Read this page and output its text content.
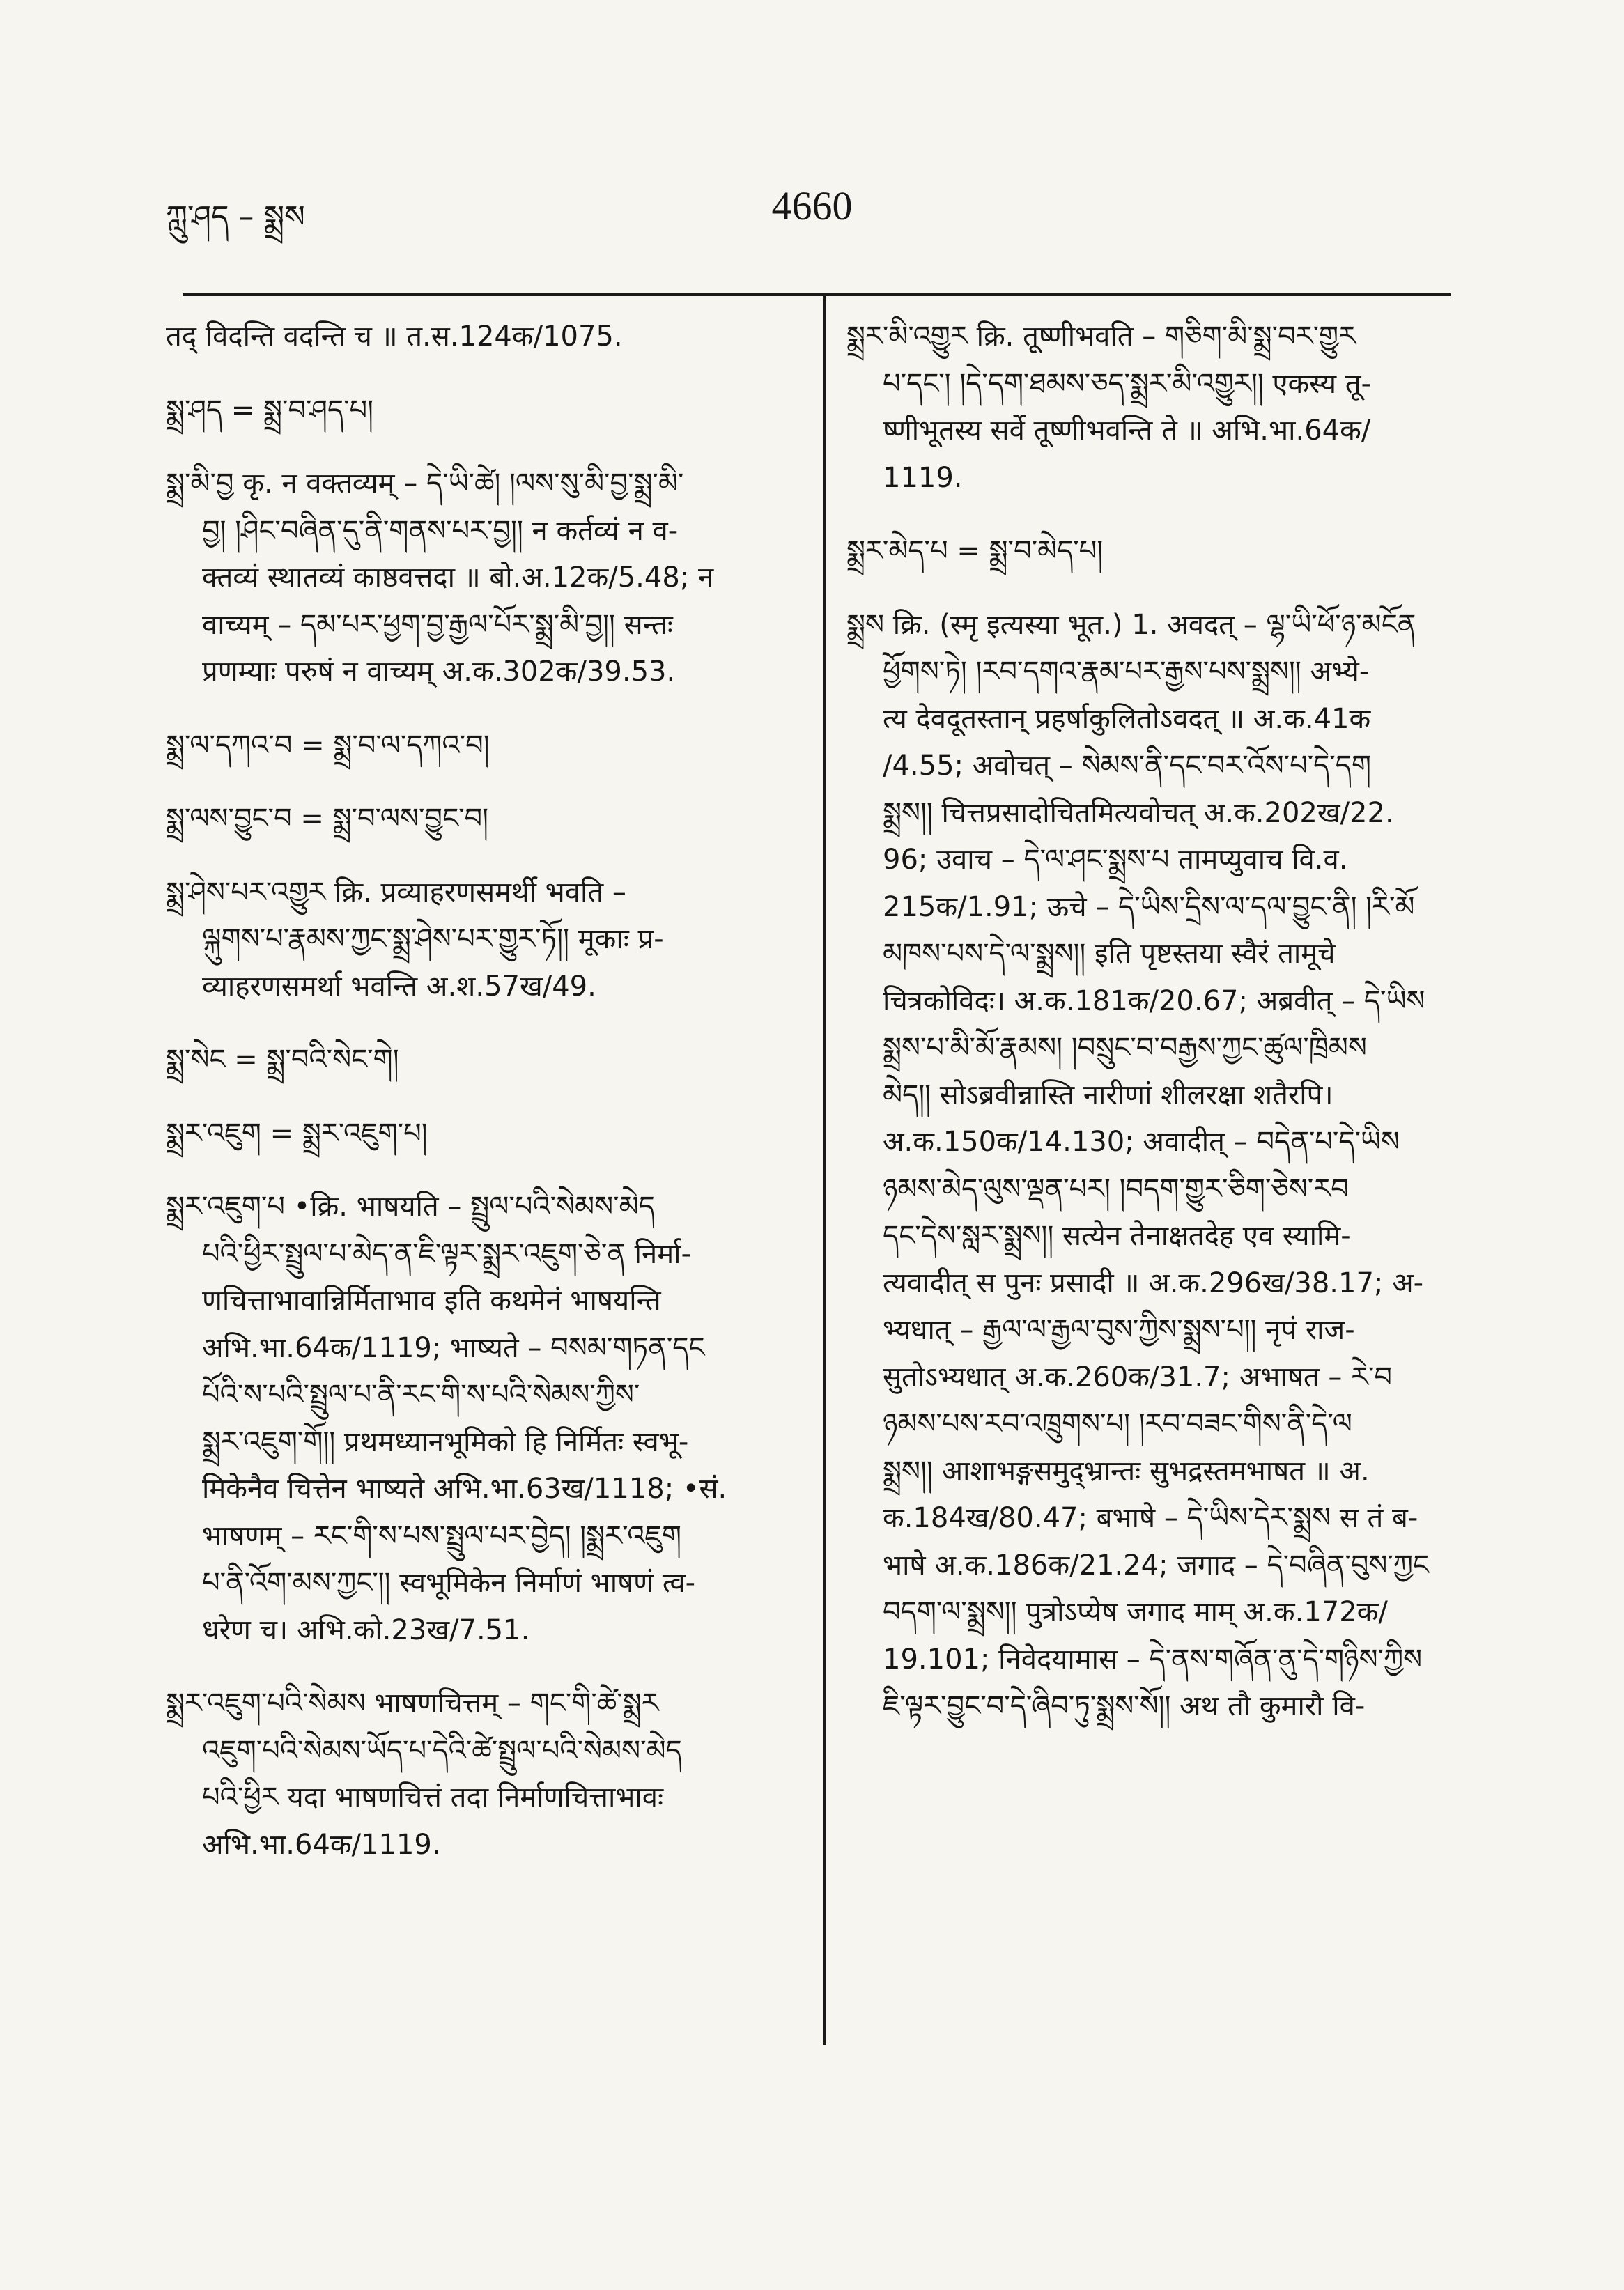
ཀླུ་ཤད – སྨྲས	4660
तद् विदन्ति वदन्ति च ॥ त.स.124क/1075.
སྨྲ་ཤད = སྨྲ་བ་ཤད་པ།
སྨྲ་མི་བྱ कृ. न वक्तव्यम् – དེ་ཡི་ཚེ། །ལས་སུ་མི་བྱ་སྨྲ་མི་
བྱ། །ཤིང་བཞིན་དུ་ནི་གནས་པར་བྱ།། न कर्तव्यं न व-
क्तव्यं स्थातव्यं काष्ठवत्तदा ॥ बो.अ.12क/5.48; न
वाच्यम् – དམ་པར་ཕྱག་བྱ་རྒྱལ་པོར་སྨྲ་མི་བྱ།། सन्तः
प्रणम्याः परुषं न वाच्यम् अ.क.302क/39.53.
སྨྲ་ལ་དཀའ་བ = སྨྲ་བ་ལ་དཀའ་བ།
སྨྲ་ལས་བྱུང་བ = སྨྲ་བ་ལས་བྱུང་བ།
སྨྲ་ཤེས་པར་འགྱུར क्रि. प्रव्याहरणसमर्थी भवति –
ལྐུགས་པ་རྣམས་ཀྱང་སྨྲ་ཤེས་པར་གྱུར་ཏོ།། मूकाः प्र-
व्याहरणसमर्था भवन्ति अ.श.57ख/49.
སྨྲ་སེང = སྨྲ་བའི་སེང་གེ།
སྨྲར་འཇུག = སྨྲར་འཇུག་པ།
སྨྲར་འཇུག་པ •क्रि. भाषयति – སྤྲུལ་པའི་སེམས་མེད
པའི་ཕྱིར་སྤྲུལ་པ་མེད་ན་ཇི་ལྟར་སྨྲར་འཇུག་ཅེ་ན निर्मा-
णचित्ताभावान्निर्मिताभाव इति कथमेनं भाषयन्ति
अभि.भा.64क/1119; भाष्यते – བསམ་གཏན་དང
པོའི་ས་པའི་སྤྲུལ་པ་ནི་རང་གི་ས་པའི་སེམས་ཀྱིས་
སྨྲར་འཇུག་གོ།། प्रथमध्यानभूमिको हि निर्मितः स्वभू-
मिकेनैव चित्तेन भाष्यते अभि.भा.63ख/1118; •सं.
भाषणम् – རང་གི་ས་པས་སྤྲུལ་པར་བྱེད། །སྨྲར་འཇུག
པ་ནི་འོག་མས་ཀྱང་།། स्वभूमिकेन निर्माणं भाषणं त्व-
धरेण च। अभि.को.23ख/7.51.
སྨྲར་འཇུག་པའི་སེམས भाषणचित्तम् – གང་གི་ཚེ་སྨྲར
འཇུག་པའི་སེམས་ཡོད་པ་དེའི་ཚེ་སྤྲུལ་པའི་སེམས་མེད
པའི་ཕྱིར यदा भाषणचित्तं तदा निर्माणचित्ताभावः
अभि.भा.64क/1119.
སྨྲར་མི་འགྱུར क्रि. तूष्णीभवति – གཅིག་མི་སྨྲ་བར་གྱུར
པ་དང་། །དེ་དག་ཐམས་ཅད་སྨྲར་མི་འགྱུར།། एकस्य तू-
ष्णीभूतस्य सर्वे तूष्णीभवन्ति ते ॥ अभि.भा.64क/
1119.
སྨྲར་མེད་པ = སྨྲ་བ་མེད་པ།
སྨྲས क्रि. (स्मृ इत्यस्या भूत.) 1. अवदत् – ལྷ་ཡི་ཕོ་ཉ་མངོན
ཕྱོགས་ཏེ། །རབ་དགའ་རྣམ་པར་རྒྱས་པས་སྨྲས།། अभ्ये-
त्य देवदूतस्तान् प्रहर्षाकुलितोऽवदत् ॥ अ.क.41क
/4.55; अवोचत् – སེམས་ནི་དང་བར་འོས་པ་དེ་དག
སྨྲས།། चित्तप्रसादोचितमित्यवोचत् अ.क.202ख/22.
96; उवाच – དེ་ལ་ཤང་སྨྲས་པ तामप्युवाच वि.व.
215क/1.91; ऊचे – དེ་ཡིས་དྲིས་ལ་དལ་བྱུང་ནི། །རི་མོ
མཁས་པས་དེ་ལ་སྨྲས།། इति पृष्टस्तया स्वैरं तामूचे
चित्रकोविदः। अ.क.181क/20.67; अब्रवीत् – དེ་ཡིས
སྨྲས་པ་མི་མོ་རྣམས། །བསྲུང་བ་བརྒྱས་ཀྱང་ཚུལ་ཁྲིམས
མེད།། सोऽब्रवीन्नास्ति नारीणां शीलरक्षा शतैरपि।
अ.क.150क/14.130; अवादीत् – བདེན་པ་དེ་ཡིས
ཉམས་མེད་ལུས་ལྡན་པར། །བདག་གྱུར་ཅིག་ཅེས་རབ
དང་དེས་སླར་སྨྲས།། सत्येन तेनाक्षतदेह एव स्यामि-
त्यवादीत् स पुनः प्रसादी ॥ अ.क.296ख/38.17; अ-
भ्यधात् – རྒྱལ་ལ་རྒྱལ་བུས་ཀྱིས་སྨྲས་པ།། नृपं राज-
सुतोऽभ्यधात् अ.क.260क/31.7; अभाषत – རེ་བ
ཉམས་པས་རབ་འཁྲུགས་པ། །རབ་བཟང་གིས་ནི་དེ་ལ
སྨྲས།། आशाभङ्गसमुद्भ्रान्तः सुभद्रस्तमभाषत ॥ अ.
क.184ख/80.47; बभाषे – དེ་ཡིས་དེར་སྨྲས स तं ब-
भाषे अ.क.186क/21.24; जगाद – དེ་བཞིན་བུས་ཀྱང
བདག་ལ་སྨྲས།། पुत्रोऽप्येष जगाद माम् अ.क.172क/
19.101; निवेदयामास – དེ་ནས་གཞོན་ནུ་དེ་གཉིས་ཀྱིས
ཇི་ལྟར་བྱུང་བ་དེ་ཞིབ་ཏུ་སྨྲས་སོ།། अथ तौ कुमारौ वि-
